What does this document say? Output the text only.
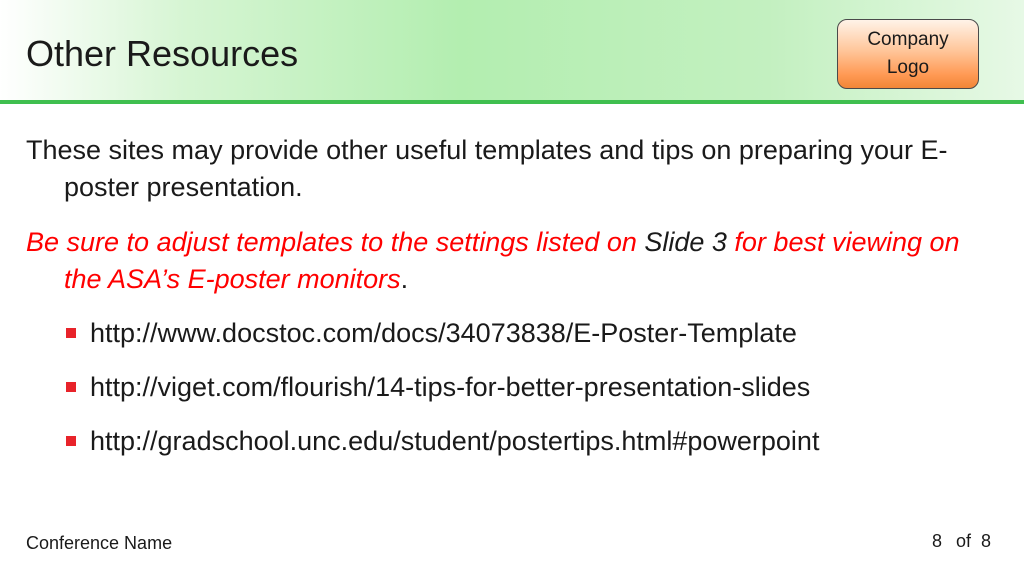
Other Resources	Company
Logo

These sites may provide other useful templates and tips on preparing your E-poster presentation.

Be sure to adjust templates to the settings listed on Slide 3 for best viewing on the ASA’s E-poster monitors.

http://www.docstoc.com/docs/34073838/E-Poster-Template
http://viget.com/flourish/14-tips-for-better-presentation-slides
http://gradschool.unc.edu/student/postertips.html#powerpoint
Conference Name	8 of 8
